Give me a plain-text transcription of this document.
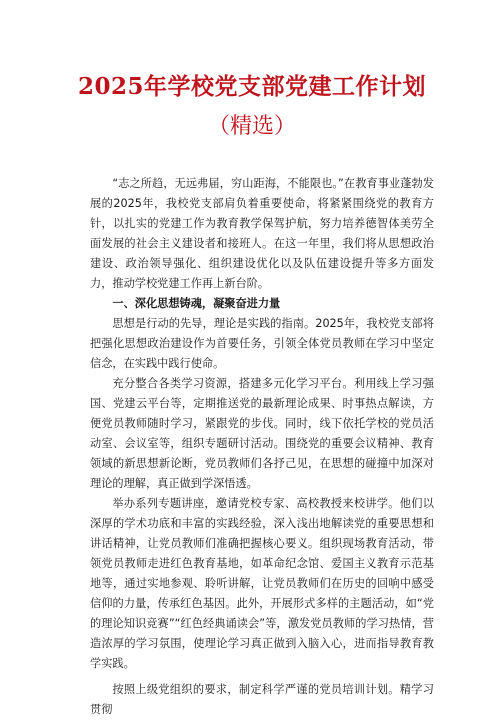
2025年学校党支部党建工作计划
（精选）

“志之所趋，无远弗届，穷山距海，不能限也。”在教育事业蓬勃发展的2025年，我校党支部肩负着重要使命，将紧紧围绕党的教育方针，以扎实的党建工作为教育教学保驾护航，努力培养德智体美劳全面发展的社会主义建设者和接班人。在这一年里，我们将从思想政治建设、政治领导强化、组织建设优化以及队伍建设提升等多方面发力，推动学校党建工作再上新台阶。

一、深化思想铸魂，凝聚奋进力量

思想是行动的先导，理论是实践的指南。2025年，我校党支部将把强化思想政治建设作为首要任务，引领全体党员教师在学习中坚定信念，在实践中践行使命。

充分整合各类学习资源，搭建多元化学习平台。利用线上学习强国、党建云平台等，定期推送党的最新理论成果、时事热点解读，方便党员教师随时学习，紧跟党的步伐。同时，线下依托学校的党员活动室、会议室等，组织专题研讨活动。围绕党的重要会议精神、教育领域的新思想新论断，党员教师们各抒己见，在思想的碰撞中加深对理论的理解，真正做到学深悟透。

举办系列专题讲座，邀请党校专家、高校教授来校讲学。他们以深厚的学术功底和丰富的实践经验，深入浅出地解读党的重要思想和讲话精神，让党员教师们准确把握核心要义。组织现场教育活动，带领党员教师走进红色教育基地，如革命纪念馆、爱国主义教育示范基地等，通过实地参观、聆听讲解，让党员教师们在历史的回响中感受信仰的力量，传承红色基因。此外，开展形式多样的主题活动，如“党的理论知识竞赛”“红色经典诵读会”等，激发党员教师的学习热情，营造浓厚的学习氛围，使理论学习真正做到入脑入心，进而指导教育教学实践。

按照上级党组织的要求，制定科学严谨的党员培训计划。精学习贯彻
